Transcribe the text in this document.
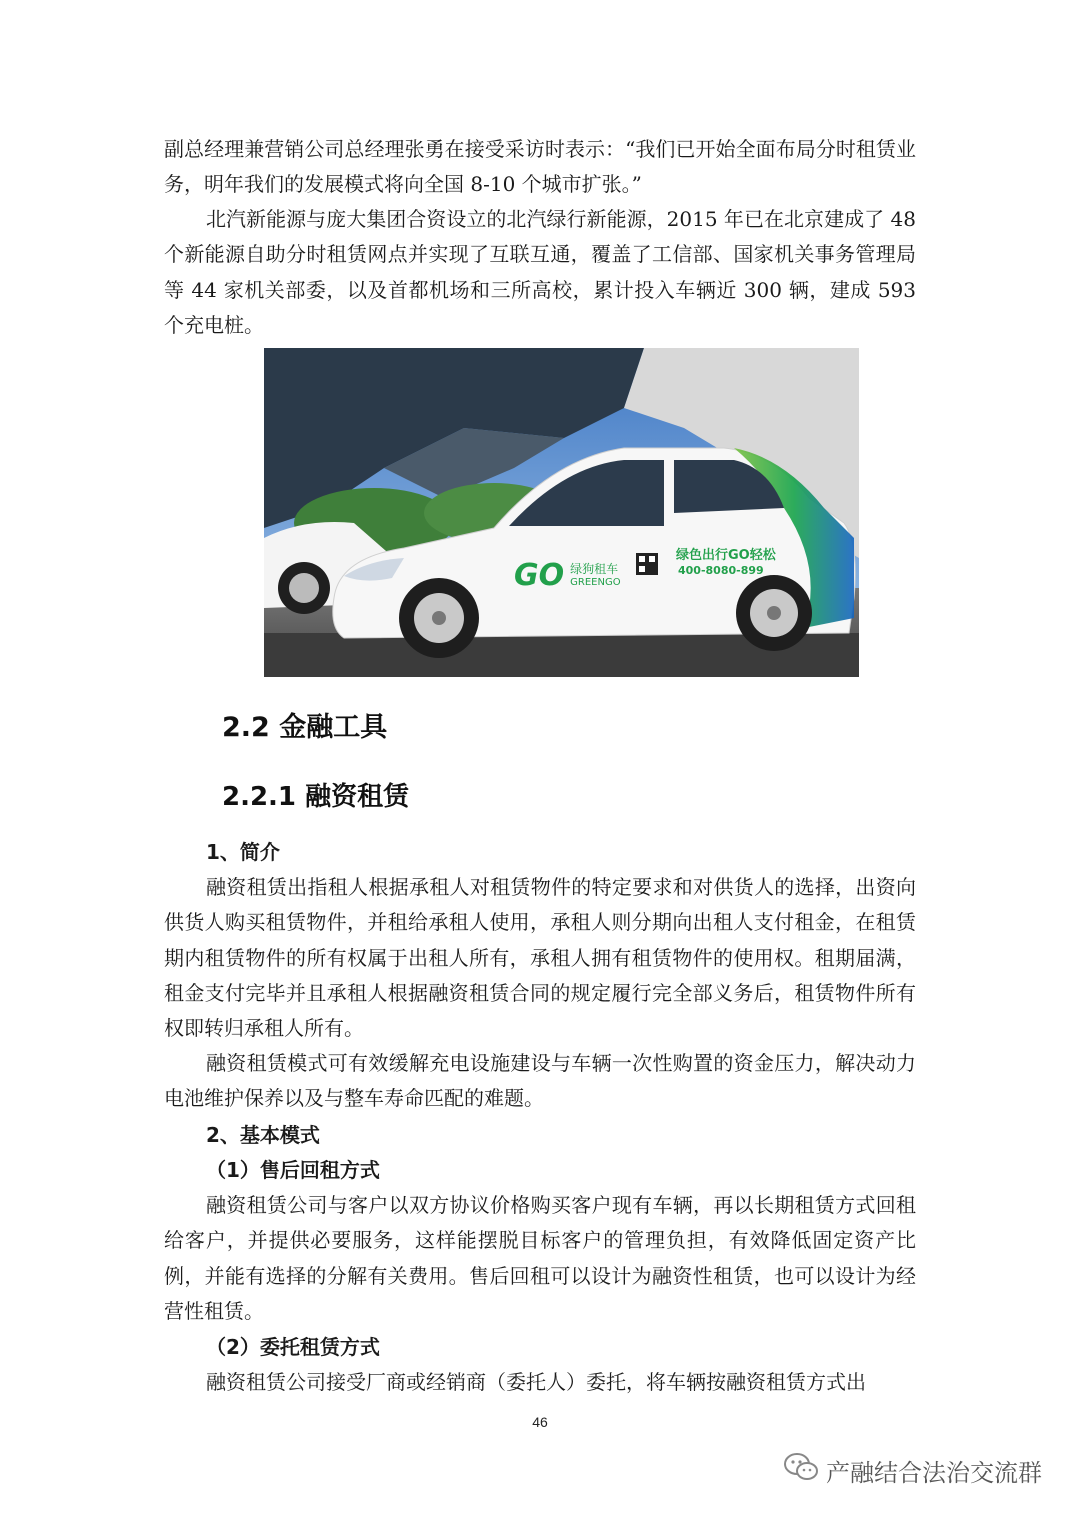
副总经理兼营销公司总经理张勇在接受采访时表示：“我们已开始全面布局分时租赁业务，明年我们的发展模式将向全国 8-10 个城市扩张。”

北汽新能源与庞大集团合资设立的北汽绿行新能源，2015 年已在北京建成了 48 个新能源自助分时租赁网点并实现了互联互通，覆盖了工信部、国家机关事务管理局等 44 家机关部委，以及首都机场和三所高校，累计投入车辆近 300 辆，建成 593 个充电桩。

GO 绿狗租车
GREENGO
绿色出行GO轻松
400-8080-899
2.2 金融工具
2.2.1 融资租赁

1、简介

融资租赁出指租人根据承租人对租赁物件的特定要求和对供货人的选择，出资向供货人购买租赁物件，并租给承租人使用，承租人则分期向出租人支付租金，在租赁期内租赁物件的所有权属于出租人所有，承租人拥有租赁物件的使用权。租期届满，租金支付完毕并且承租人根据融资租赁合同的规定履行完全部义务后，租赁物件所有权即转归承租人所有。

融资租赁模式可有效缓解充电设施建设与车辆一次性购置的资金压力，解决动力电池维护保养以及与整车寿命匹配的难题。

2、基本模式

（1）售后回租方式

融资租赁公司与客户以双方协议价格购买客户现有车辆，再以长期租赁方式回租给客户，并提供必要服务，这样能摆脱目标客户的管理负担，有效降低固定资产比例，并能有选择的分解有关费用。售后回租可以设计为融资性租赁，也可以设计为经营性租赁。

（2）委托租赁方式

融资租赁公司接受厂商或经销商（委托人）委托，将车辆按融资租赁方式出

46
产融结合法治交流群
